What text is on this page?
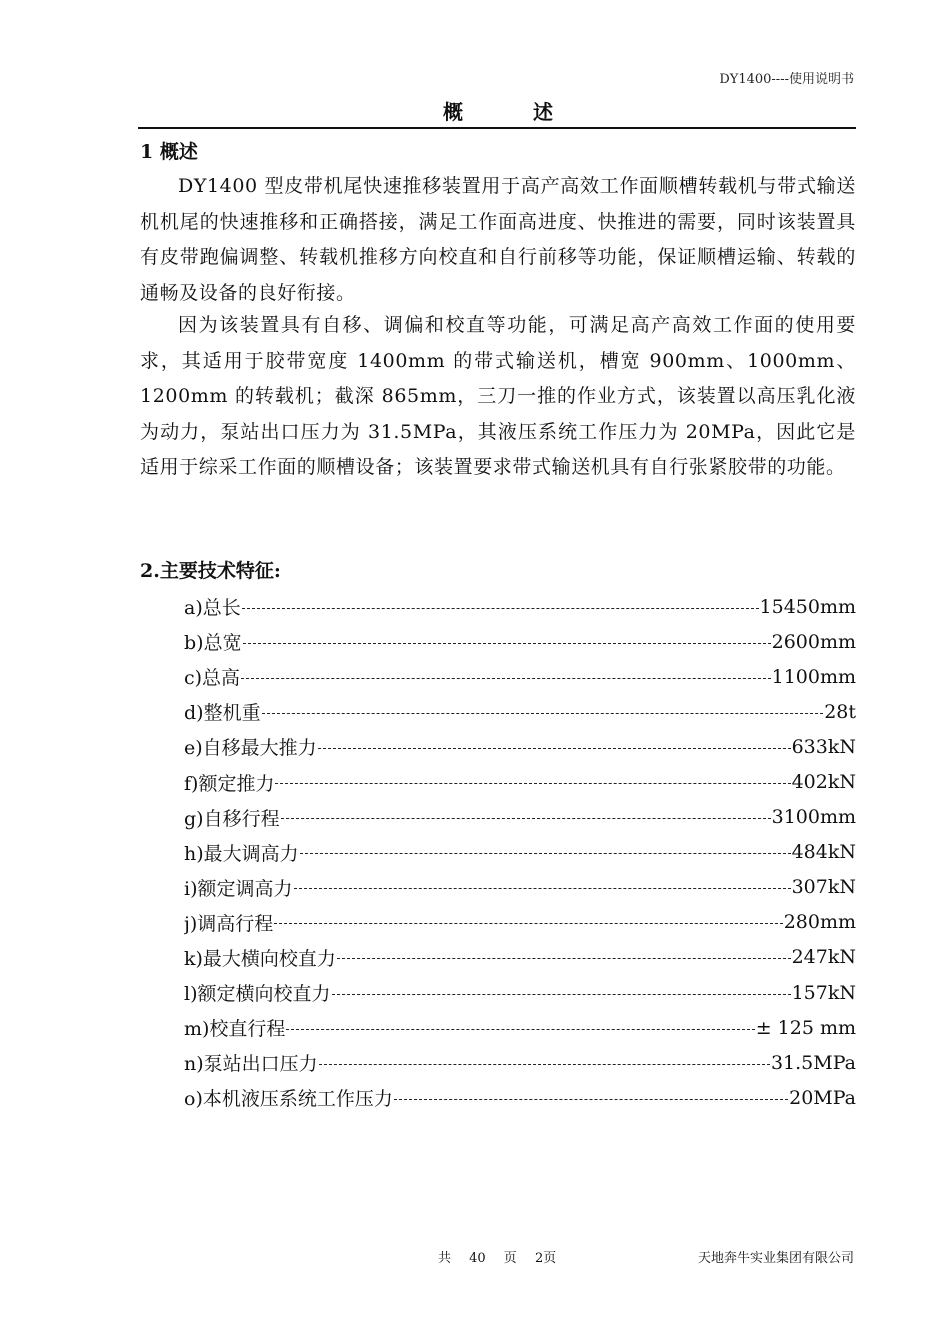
DY1400----使用说明书
概述
1 概述
DY1400 型皮带机尾快速推移装置用于高产高效工作面顺槽转载机与带式输送机机尾的快速推移和正确搭接，满足工作面高进度、快推进的需要，同时该装置具有皮带跑偏调整、转载机推移方向校直和自行前移等功能，保证顺槽运输、转载的通畅及设备的良好衔接。
因为该装置具有自移、调偏和校直等功能，可满足高产高效工作面的使用要求，其适用于胶带宽度 1400mm 的带式输送机，槽宽 900mm、1000mm、1200mm 的转载机；截深 865mm，三刀一推的作业方式，该装置以高压乳化液为动力，泵站出口压力为 31.5MPa，其液压系统工作压力为 20MPa，因此它是适用于综采工作面的顺槽设备；该装置要求带式输送机具有自行张紧胶带的功能。
2.主要技术特征:
a)总长	15450mm
b)总宽	2600mm
c)总高	1100mm
d)整机重	28t
e)自移最大推力	633kN
f)额定推力	402kN
g)自移行程	3100mm
h)最大调高力	484kN
i)额定调高力	307kN
j)调高行程	280mm
k)最大横向校直力	247kN
l)额定横向校直力	157kN
m)校直行程	± 125 mm
n)泵站出口压力	31.5MPa
o)本机液压系统工作压力	20MPa
共 40 页 2页	天地奔牛实业集团有限公司
